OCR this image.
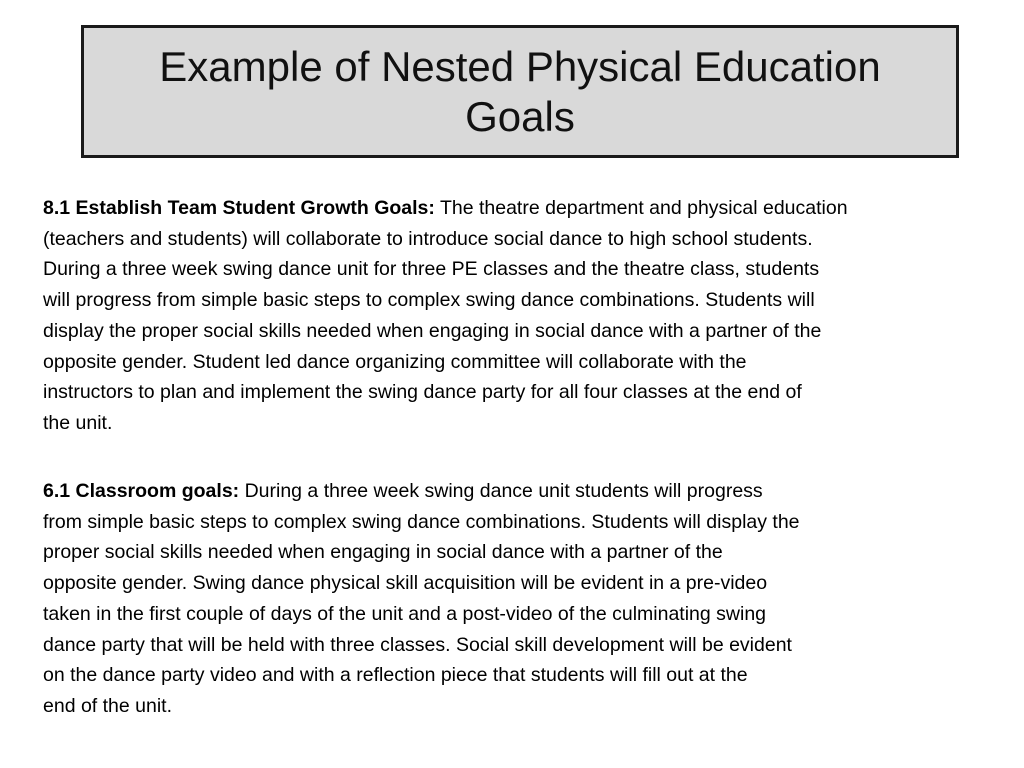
Example of Nested Physical Education Goals

8.1 Establish Team Student Growth Goals: The theatre department and physical education
(teachers and students) will collaborate to introduce social dance to high school students.
During a three week swing dance unit for three PE classes and the theatre class, students
will progress from simple basic steps to complex swing dance combinations. Students will
display the proper social skills needed when engaging in social dance with a partner of the
opposite gender. Student led dance organizing committee will collaborate with the
instructors to plan and implement the swing dance party for all four classes at the end of
the unit.

6.1 Classroom goals: During a three week swing dance unit students will progress
from simple basic steps to complex swing dance combinations. Students will display the
proper social skills needed when engaging in social dance with a partner of the
opposite gender. Swing dance physical skill acquisition will be evident in a pre-video
taken in the first couple of days of the unit and a post-video of the culminating swing
dance party that will be held with three classes. Social skill development will be evident
on the dance party video and with a reflection piece that students will fill out at the
end of the unit.
